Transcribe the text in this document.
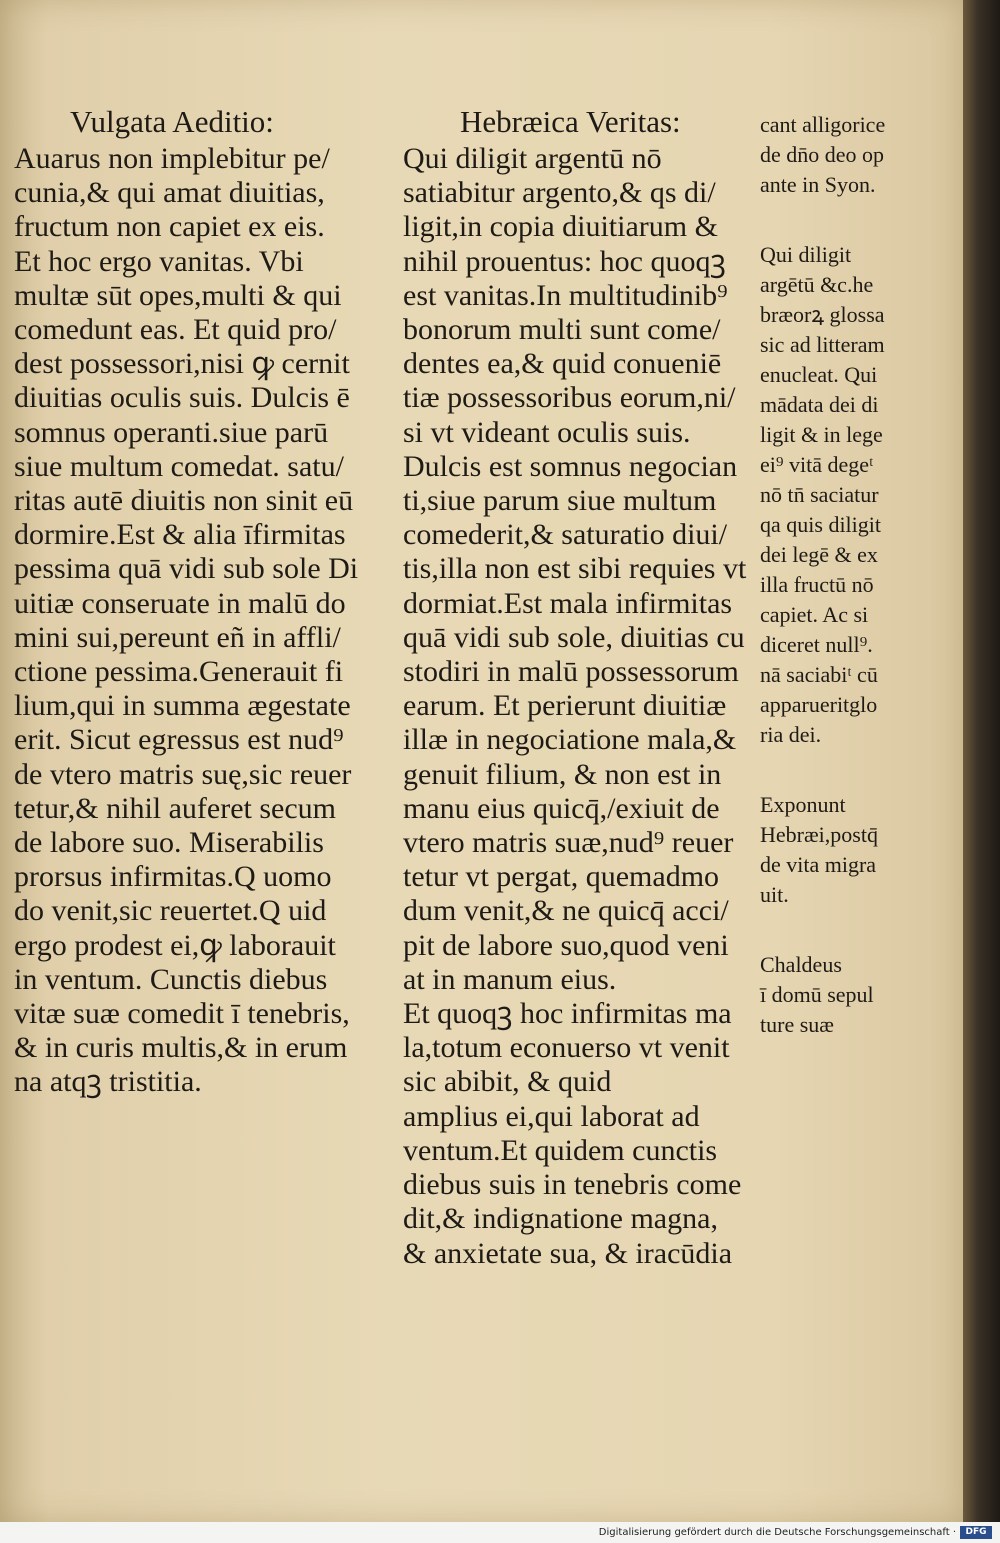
Vulgata Aeditio:	Hebræica Veritas:
Auarus non implebitur pe/
cunia,& qui amat diuitias,
fructum non capiet ex eis.
Et hoc ergo vanitas. Vbi
multæ sūt opes,multi & qui
comedunt eas. Et quid pro/
dest possessori,nisi ꝙ cernit
diuitias oculis suis. Dulcis ē
somnus operanti.siue parū
siue multum comedat. satu/
ritas autē diuitis non sinit eū
dormire.Est & alia īfirmitas
pessima quā vidi sub sole Di
uitiæ conseruate in malū do
mini sui,pereunt eñ in affli/
ctione pessima.Generauit fi
lium,qui in summa ægestate
erit. Sicut egressus est nud⁹
de vtero matris suę,sic reuer
tetur,& nihil auferet secum
de labore suo. Miserabilis
prorsus infirmitas.Q uomo
do venit,sic reuertet.Q uid
ergo prodest ei,ꝙ laborauit
in ventum. Cunctis diebus
vitæ suæ comedit ī tenebris,
& in curis multis,& in erum
na atqꝫ tristitia.
Qui diligit argentū nō
satiabitur argento,& qs di/
ligit,in copia diuitiarum &
nihil prouentus: hoc quoqꝫ
est vanitas.In multitudinib⁹
bonorum multi sunt come/
dentes ea,& quid conueniē
tiæ possessoribus eorum,ni/
si vt videant oculis suis.
Dulcis est somnus negocian
ti,siue parum siue multum
comederit,& saturatio diui/
tis,illa non est sibi requies vt
dormiat.Est mala infirmitas
quā vidi sub sole, diuitias cu
stodiri in malū possessorum
earum. Et perierunt diuitiæ
illæ in negociatione mala,&
genuit filium, & non est in
manu eius quicq̄,/exiuit de
vtero matris suæ,nud⁹ reuer
tetur vt pergat, quemadmo
dum venit,& ne quicq̄ acci/
pit de labore suo,quod veni
at in manum eius.
Et quoqꝫ hoc infirmitas ma
la,totum econuerso vt venit
sic abibit, & quid
amplius ei,qui laborat ad
ventum.Et quidem cunctis
diebus suis in tenebris come
dit,& indignatione magna,
& anxietate sua, & iracūdia
cant alligorice
de dn̄o deo op
ante in Syon.
Qui diligit
argētū &c.he
bræorꝝ glossa
sic ad litteram
enucleat. Qui
mādata dei di
ligit & in lege
ei⁹ vitā degeᵗ
nō tn̄ saciatur
qa quis diligit
dei legē & ex
illa fructū nō
capiet. Ac si
diceret null⁹.
nā saciabiᵗ cū
apparueritglo
ria dei.
Exponunt
Hebræi,postq̄
de vita migra
uit.
Chaldeus
ī domū sepul
ture suæ
Digitalisierung gefördert durch die Deutsche Forschungsgemeinschaft ·	DFG
